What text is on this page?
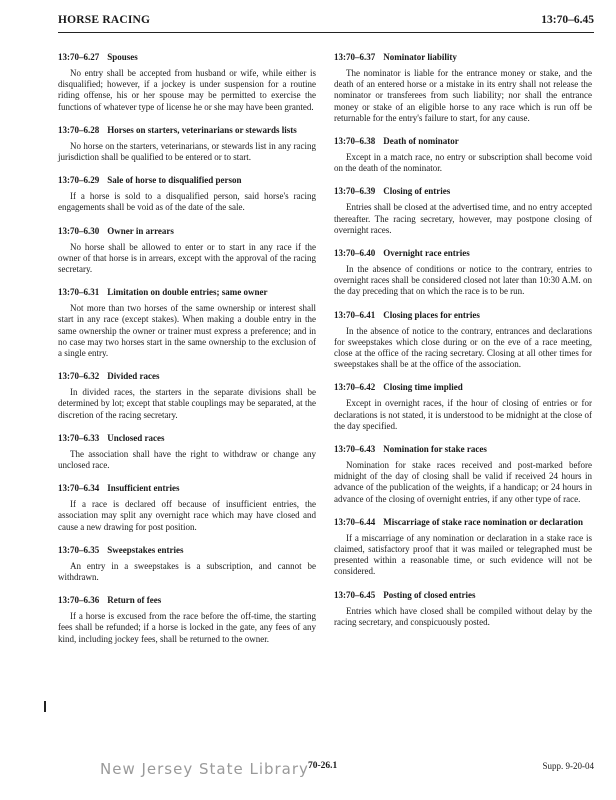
HORSE RACING	13:70–6.45
13:70–6.27 Spouses

No entry shall be accepted from husband or wife, while either is disqualified; however, if a jockey is under suspension for a routine riding offense, his or her spouse may be permitted to exercise the functions of whatever type of license he or she may have been granted.

13:70–6.28 Horses on starters, veterinarians or stewards lists

No horse on the starters, veterinarians, or stewards list in any racing jurisdiction shall be qualified to be entered or to start.

13:70–6.29 Sale of horse to disqualified person

If a horse is sold to a disqualified person, said horse's racing engagements shall be void as of the date of the sale.

13:70–6.30 Owner in arrears

No horse shall be allowed to enter or to start in any race if the owner of that horse is in arrears, except with the approval of the racing secretary.

13:70–6.31 Limitation on double entries; same owner

Not more than two horses of the same ownership or interest shall start in any race (except stakes). When making a double entry in the same ownership the owner or trainer must express a preference; and in no case may two horses start in the same ownership to the exclusion of a single entry.

13:70–6.32 Divided races

In divided races, the starters in the separate divisions shall be determined by lot; except that stable couplings may be separated, at the discretion of the racing secretary.

13:70–6.33 Unclosed races

The association shall have the right to withdraw or change any unclosed race.

13:70–6.34 Insufficient entries

If a race is declared off because of insufficient entries, the association may split any overnight race which may have closed and cause a new drawing for post position.

13:70–6.35 Sweepstakes entries

An entry in a sweepstakes is a subscription, and cannot be withdrawn.

13:70–6.36 Return of fees

If a horse is excused from the race before the off-time, the starting fees shall be refunded; if a horse is locked in the gate, any fees of any kind, including jockey fees, shall be returned to the owner.

13:70–6.37 Nominator liability

The nominator is liable for the entrance money or stake, and the death of an entered horse or a mistake in its entry shall not release the nominator or transferees from such liability; nor shall the entrance money or stake of an eligible horse to any race which is run off be returnable for the entry's failure to start, for any cause.

13:70–6.38 Death of nominator

Except in a match race, no entry or subscription shall become void on the death of the nominator.

13:70–6.39 Closing of entries

Entries shall be closed at the advertised time, and no entry accepted thereafter. The racing secretary, however, may postpone closing of overnight races.

13:70–6.40 Overnight race entries

In the absence of conditions or notice to the contrary, entries to overnight races shall be considered closed not later than 10:30 A.M. on the day preceding that on which the race is to be run.

13:70–6.41 Closing places for entries

In the absence of notice to the contrary, entrances and declarations for sweepstakes which close during or on the eve of a race meeting, close at the office of the racing secretary. Closing at all other times for sweepstakes shall be at the office of the association.

13:70–6.42 Closing time implied

Except in overnight races, if the hour of closing of entries or for declarations is not stated, it is understood to be midnight at the close of the day specified.

13:70–6.43 Nomination for stake races

Nomination for stake races received and post-marked before midnight of the day of closing shall be valid if received 24 hours in advance of the publication of the weights, if a handicap; or 24 hours in advance of the closing of overnight entries, if any other type of race.

13:70–6.44 Miscarriage of stake race nomination or declaration

If a miscarriage of any nomination or declaration in a stake race is claimed, satisfactory proof that it was mailed or telegraphed must be presented within a reasonable time, or such evidence will not be considered.

13:70–6.45 Posting of closed entries

Entries which have closed shall be compiled without delay by the racing secretary, and conspicuously posted.

New Jersey State Library 70-26.1	Supp. 9-20-04
